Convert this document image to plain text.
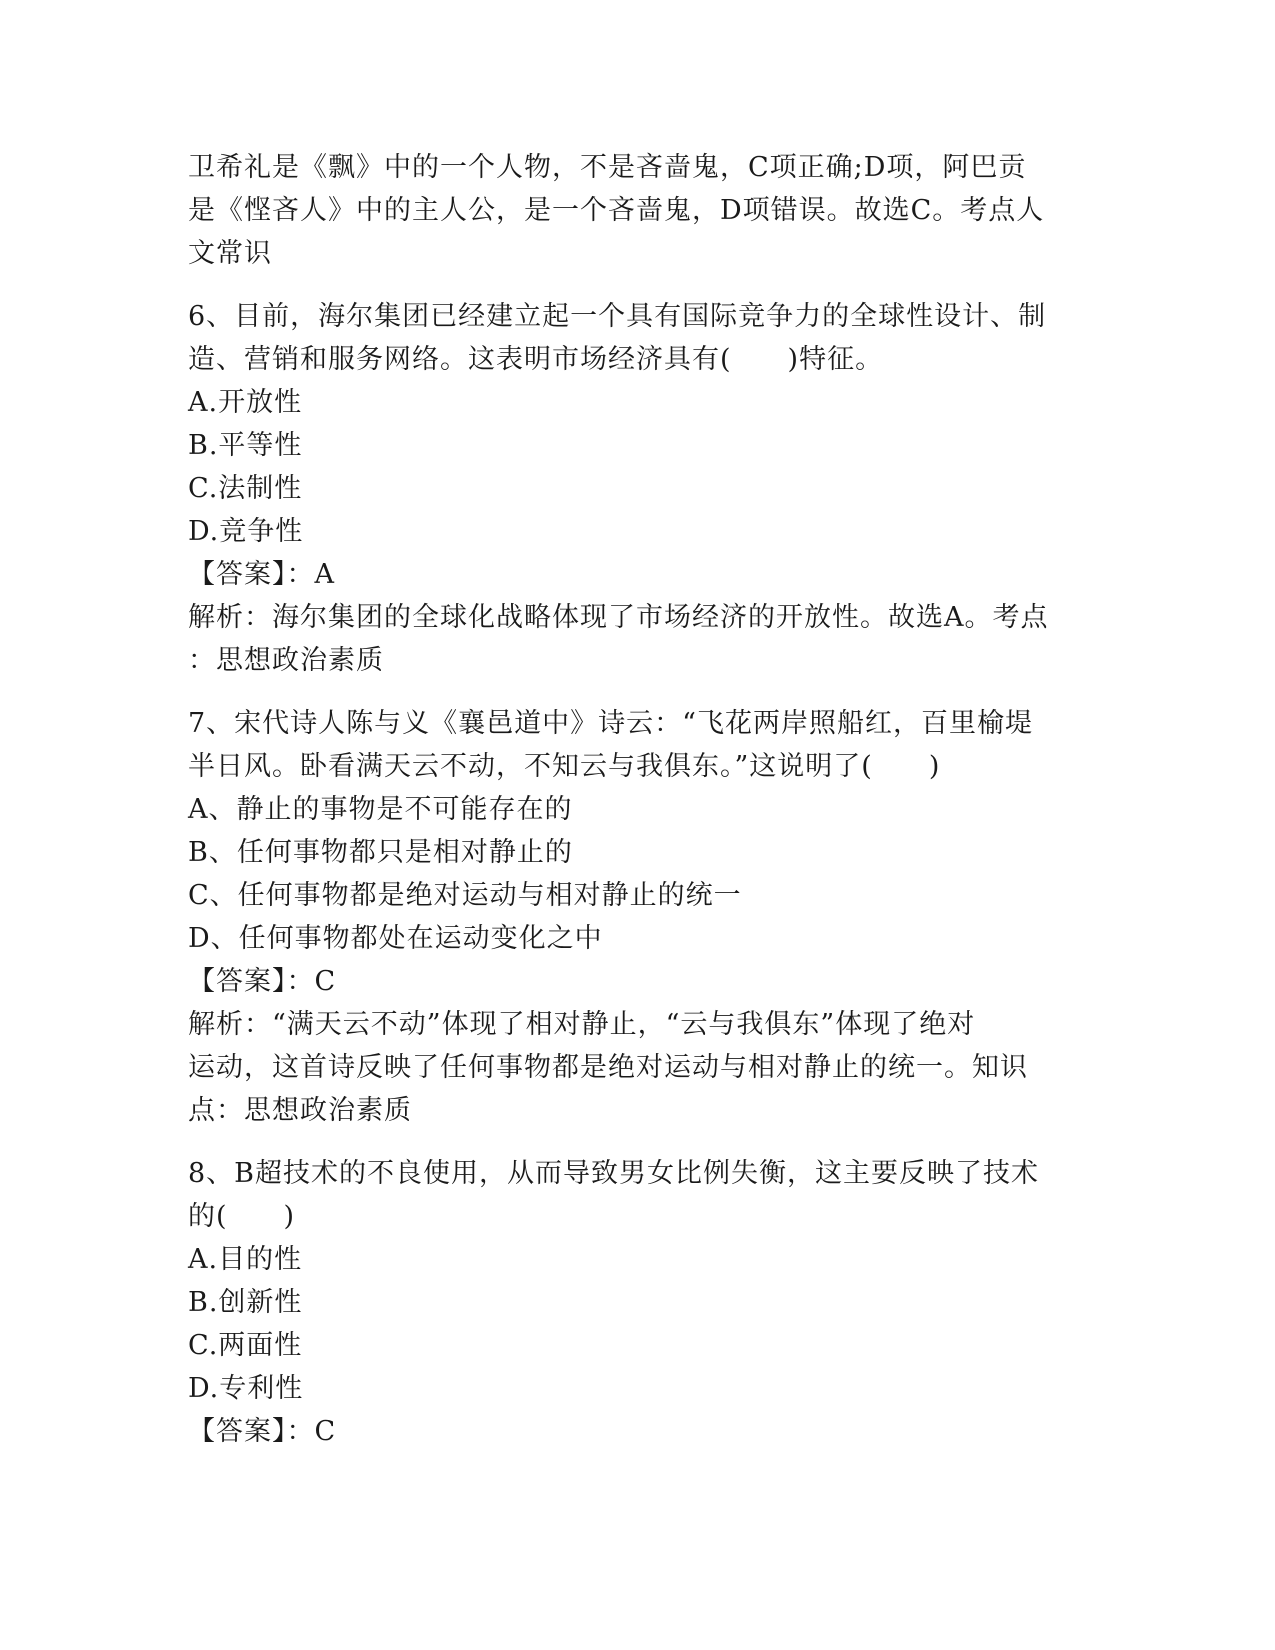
卫希礼是《飘》中的一个人物，不是吝啬鬼，C项正确;D项，阿巴贡
是《悭吝人》中的主人公，是一个吝啬鬼，D项错误。故选C。考点人
文常识
6、目前，海尔集团已经建立起一个具有国际竞争力的全球性设计、制
造、营销和服务网络。这表明市场经济具有(　　)特征。
A.开放性
B.平等性
C.法制性
D.竞争性
【答案】：A
解析：海尔集团的全球化战略体现了市场经济的开放性。故选A。考点
：思想政治素质
7、宋代诗人陈与义《襄邑道中》诗云：“飞花两岸照船红，百里榆堤
半日风。卧看满天云不动，不知云与我俱东。”这说明了(　　)
A、静止的事物是不可能存在的
B、任何事物都只是相对静止的
C、任何事物都是绝对运动与相对静止的统一
D、任何事物都处在运动变化之中
【答案】：C
解析：“满天云不动”体现了相对静止，“云与我俱东”体现了绝对
运动，这首诗反映了任何事物都是绝对运动与相对静止的统一。知识
点：思想政治素质
8、B超技术的不良使用，从而导致男女比例失衡，这主要反映了技术
的(　　)
A.目的性
B.创新性
C.两面性
D.专利性
【答案】：C
